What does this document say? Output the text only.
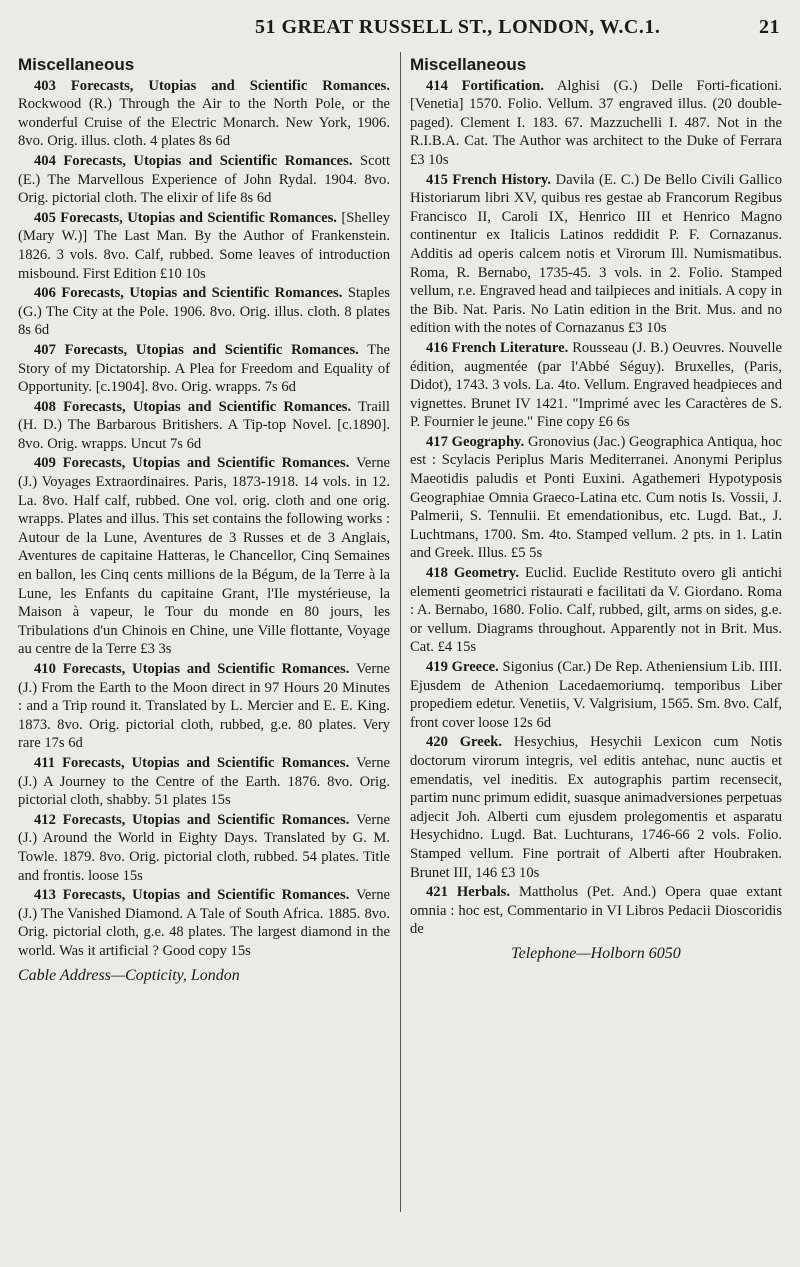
51 GREAT RUSSELL ST., LONDON, W.C.1.	21
Miscellaneous

403 Forecasts, Utopias and Scientific Romances. Rockwood (R.) Through the Air to the North Pole, or the wonderful Cruise of the Electric Monarch. New York, 1906. 8vo. Orig. illus. cloth. 4 plates 8s 6d

404 Forecasts, Utopias and Scientific Romances. Scott (E.) The Marvellous Experience of John Rydal. 1904. 8vo. Orig. pictorial cloth. The elixir of life 8s 6d

405 Forecasts, Utopias and Scientific Romances. [Shelley (Mary W.)] The Last Man. By the Author of Frankenstein. 1826. 3 vols. 8vo. Calf, rubbed. Some leaves of introduction misbound. First Edition £10 10s

406 Forecasts, Utopias and Scientific Romances. Staples (G.) The City at the Pole. 1906. 8vo. Orig. illus. cloth. 8 plates 8s 6d

407 Forecasts, Utopias and Scientific Romances. The Story of my Dictatorship. A Plea for Freedom and Equality of Opportunity. [c.1904]. 8vo. Orig. wrapps. 7s 6d

408 Forecasts, Utopias and Scientific Romances. Traill (H. D.) The Barbarous Britishers. A Tip-top Novel. [c.1890]. 8vo. Orig. wrapps. Uncut 7s 6d

409 Forecasts, Utopias and Scientific Romances. Verne (J.) Voyages Extraordinaires. Paris, 1873-1918. 14 vols. in 12. La. 8vo. Half calf, rubbed. One vol. orig. cloth and one orig. wrapps. Plates and illus. This set contains the following works : Autour de la Lune, Aventures de 3 Russes et de 3 Anglais, Aventures de capitaine Hatteras, le Chancellor, Cinq Semaines en ballon, les Cinq cents millions de la Bégum, de la Terre à la Lune, les Enfants du capitaine Grant, l'Ile mystérieuse, la Maison à vapeur, le Tour du monde en 80 jours, les Tribulations d'un Chinois en Chine, une Ville flottante, Voyage au centre de la Terre £3 3s

410 Forecasts, Utopias and Scientific Romances. Verne (J.) From the Earth to the Moon direct in 97 Hours 20 Minutes : and a Trip round it. Translated by L. Mercier and E. E. King. 1873. 8vo. Orig. pictorial cloth, rubbed, g.e. 80 plates. Very rare 17s 6d

411 Forecasts, Utopias and Scientific Romances. Verne (J.) A Journey to the Centre of the Earth. 1876. 8vo. Orig. pictorial cloth, shabby. 51 plates 15s

412 Forecasts, Utopias and Scientific Romances. Verne (J.) Around the World in Eighty Days. Translated by G. M. Towle. 1879. 8vo. Orig. pictorial cloth, rubbed. 54 plates. Title and frontis. loose 15s

413 Forecasts, Utopias and Scientific Romances. Verne (J.) The Vanished Diamond. A Tale of South Africa. 1885. 8vo. Orig. pictorial cloth, g.e. 48 plates. The largest diamond in the world. Was it artificial ? Good copy 15s

Cable Address—Copticity, London
Miscellaneous

414 Fortification. Alghisi (G.) Delle Forti-ficationi. [Venetia] 1570. Folio. Vellum. 37 engraved illus. (20 double-paged). Clement I. 183. 67. Mazzuchelli I. 487. Not in the R.I.B.A. Cat. The Author was architect to the Duke of Ferrara £3 10s

415 French History. Davila (E. C.) De Bello Civili Gallico Historiarum libri XV, quibus res gestae ab Francorum Regibus Francisco II, Caroli IX, Henrico III et Henrico Magno continentur ex Italicis Latinos reddidit P. F. Cornazanus. Additis ad operis calcem notis et Virorum Ill. Numismatibus. Roma, R. Bernabo, 1735-45. 3 vols. in 2. Folio. Stamped vellum, r.e. Engraved head and tailpieces and initials. A copy in the Bib. Nat. Paris. No Latin edition in the Brit. Mus. and no edition with the notes of Cornazanus £3 10s

416 French Literature. Rousseau (J. B.) Oeuvres. Nouvelle édition, augmentée (par l'Abbé Séguy). Bruxelles, (Paris, Didot), 1743. 3 vols. La. 4to. Vellum. Engraved headpieces and vignettes. Brunet IV 1421. "Imprimé avec les Caractères de S. P. Fournier le jeune." Fine copy £6 6s

417 Geography. Gronovius (Jac.) Geographica Antiqua, hoc est : Scylacis Periplus Maris Mediterranei. Anonymi Periplus Maeotidis paludis et Ponti Euxini. Agathemeri Hypotyposis Geographiae Omnia Graeco-Latina etc. Cum notis Is. Vossii, J. Palmerii, S. Tennulii. Et emendationibus, etc. Lugd. Bat., J. Luchtmans, 1700. Sm. 4to. Stamped vellum. 2 pts. in 1. Latin and Greek. Illus. £5 5s

418 Geometry. Euclid. Euclide Restituto overo gli antichi elementi geometrici ristaurati e facilitati da V. Giordano. Roma : A. Bernabo, 1680. Folio. Calf, rubbed, gilt, arms on sides, g.e. or vellum. Diagrams throughout. Apparently not in Brit. Mus. Cat. £4 15s

419 Greece. Sigonius (Car.) De Rep. Atheniensium Lib. IIII. Ejusdem de Athenion Lacedaemoriumq. temporibus Liber propediem edetur. Venetiis, V. Valgrisium, 1565. Sm. 8vo. Calf, front cover loose 12s 6d

420 Greek. Hesychius, Hesychii Lexicon cum Notis doctorum virorum integris, vel editis antehac, nunc auctis et emendatis, vel ineditis. Ex autographis partim recensecit, partim nunc primum edidit, suasque animadversiones perpetuas adjecit Joh. Alberti cum ejusdem prolegomentis et asparatu Hesychidno. Lugd. Bat. Luchturans, 1746-66 2 vols. Folio. Stamped vellum. Fine portrait of Alberti after Houbraken. Brunet III, 146 £3 10s

421 Herbals. Mattholus (Pet. And.) Opera quae extant omnia : hoc est, Commentario in VI Libros Pedacii Dioscoridis de

Telephone—Holborn 6050
